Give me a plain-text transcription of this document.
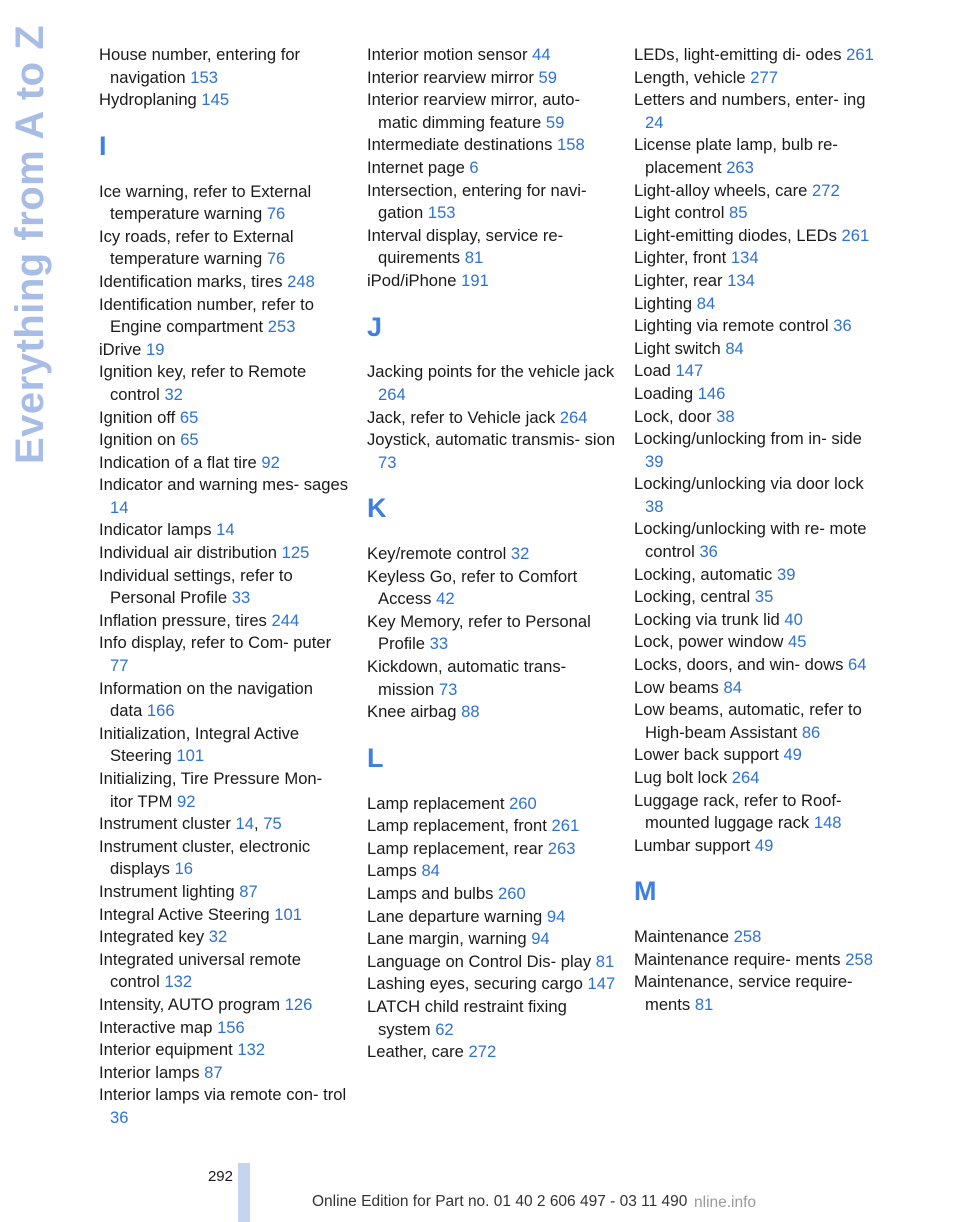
Everything from A to Z	House number, entering for navigation 153
Hydroplaning 145
I
Ice warning, refer to External temperature warning 76
Icy roads, refer to External temperature warning 76
Identification marks, tires 248
Identification number, refer to Engine compartment 253
iDrive 19
Ignition key, refer to Remote control 32
Ignition off 65
Ignition on 65
Indication of a flat tire 92
Indicator and warning mes‐ sages 14
Indicator lamps 14
Individual air distribution 125
Individual settings, refer to Personal Profile 33
Inflation pressure, tires 244
Info display, refer to Com‐ puter 77
Information on the navigation data 166
Initialization, Integral Active Steering 101
Initializing, Tire Pressure Mon‐ itor TPM 92
Instrument cluster 14, 75
Instrument cluster, electronic displays 16
Instrument lighting 87
Integral Active Steering 101
Integrated key 32
Integrated universal remote control 132
Intensity, AUTO program 126
Interactive map 156
Interior equipment 132
Interior lamps 87
Interior lamps via remote con‐ trol 36
Interior motion sensor 44
Interior rearview mirror 59
Interior rearview mirror, auto‐ matic dimming feature 59
Intermediate destinations 158
Internet page 6
Intersection, entering for navi‐ gation 153
Interval display, service re‐ quirements 81
iPod/iPhone 191
J
Jacking points for the vehicle jack 264
Jack, refer to Vehicle jack 264
Joystick, automatic transmis‐ sion 73
K
Key/remote control 32
Keyless Go, refer to Comfort Access 42
Key Memory, refer to Personal Profile 33
Kickdown, automatic trans‐ mission 73
Knee airbag 88
L
Lamp replacement 260
Lamp replacement, front 261
Lamp replacement, rear 263
Lamps 84
Lamps and bulbs 260
Lane departure warning 94
Lane margin, warning 94
Language on Control Dis‐ play 81
Lashing eyes, securing cargo 147
LATCH child restraint fixing system 62
Leather, care 272
LEDs, light-emitting di‐ odes 261
Length, vehicle 277
Letters and numbers, enter‐ ing 24
License plate lamp, bulb re‐ placement 263
Light-alloy wheels, care 272
Light control 85
Light-emitting diodes, LEDs 261
Lighter, front 134
Lighter, rear 134
Lighting 84
Lighting via remote control 36
Light switch 84
Load 147
Loading 146
Lock, door 38
Locking/unlocking from in‐ side 39
Locking/unlocking via door lock 38
Locking/unlocking with re‐ mote control 36
Locking, automatic 39
Locking, central 35
Locking via trunk lid 40
Lock, power window 45
Locks, doors, and win‐ dows 64
Low beams 84
Low beams, automatic, refer to High-beam Assistant 86
Lower back support 49
Lug bolt lock 264
Luggage rack, refer to Roof-mounted luggage rack 148
Lumbar support 49
M
Maintenance 258
Maintenance require‐ ments 258
Maintenance, service require‐ ments 81
292
Online Edition for Part no. 01 40 2 606 497 - 03 11 490 nline.info
